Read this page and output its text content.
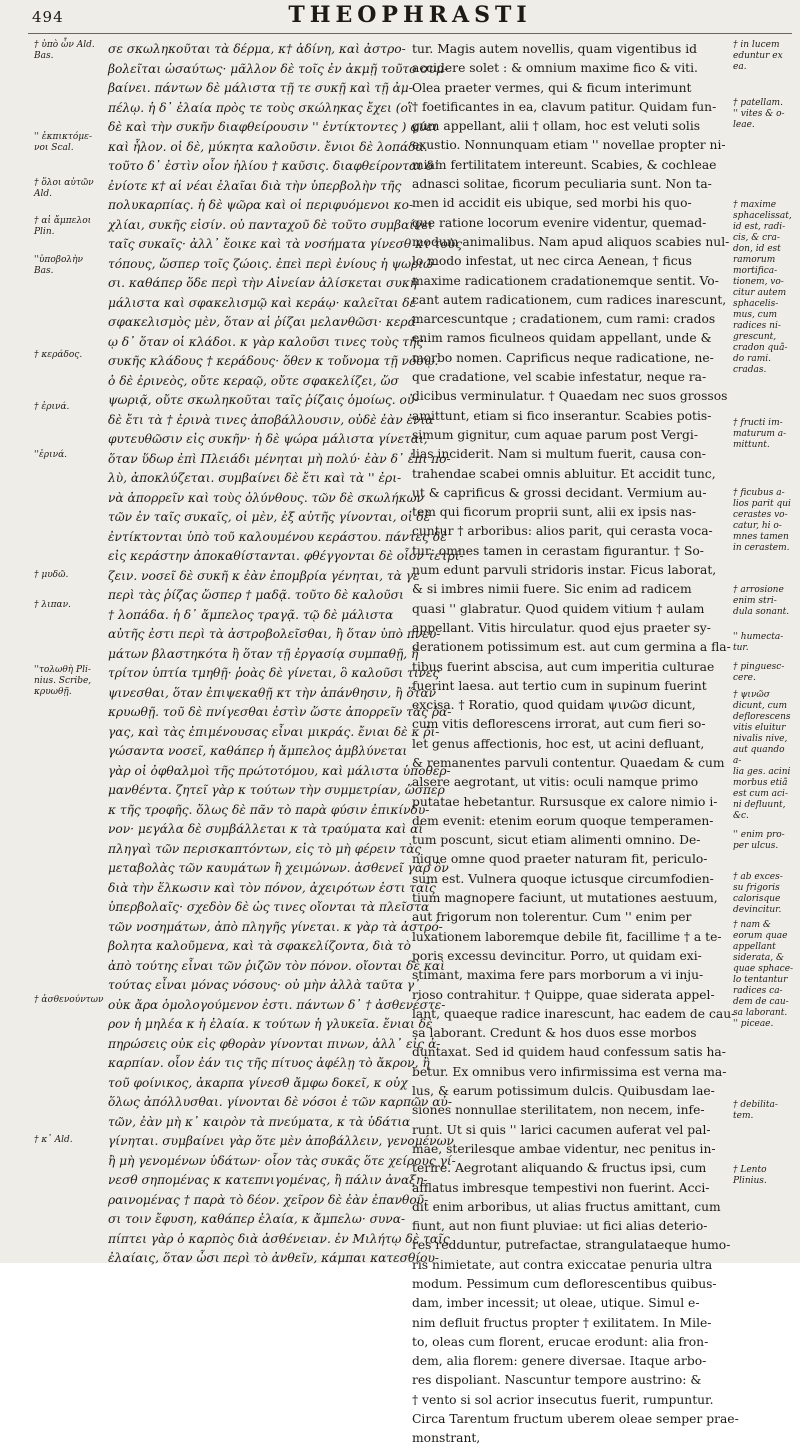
494	THEOPHRASTI
† ὑπὸ ὧν Ald.
Bas.
'' ἐκπικτόμε-
νοι Scal.
† ὅλοι αὐτῶν
Ald.
† αἱ ἄμπελοι
Plin.
''ὑποβολὴν
Bas.
† κεράδος.
† ἑρινά.
''ἐρινά.
† μυδῶ.
† λιπαν.
''τολωθὴ Pli-
nius. Scribe,
κρυωθῇ.
† ἀσθενούντων
† κ᾿ Ald.
σε σκωληκοῦται τὰ δέρμα, κ† ἀδίνη, καὶ ἀστρο-
βολεῖται ὡσαύτως· μᾶλλον δὲ τοῖς ἐν ἀκμῇ τοῦτο συμ-
βαίνει. πάντων δὲ μάλιστα τῇ τε συκῇ καὶ τῇ ἀμ-
πέλῳ. ἡ δ᾿ ἐλαία πρὸς τε τοὺς σκώληκας ἔχει (οἳ
δὲ καὶ τὴν συκῆν διαφθείρουσιν '' ἐντίκτοντες ) φύει
καὶ ἧλον. οἱ δὲ, μύκητα καλοῦσιν. ἔνιοι δὲ λοπάδα.
τοῦτο δ᾿ ἐστὶν οἷον ἡλίου † καῦσις. διαφθείρονται δ᾿
ἐνίοτε κ† αἱ νέαι ἐλαῖαι διὰ τὴν ὑπερβολὴν τῆς
πολυκαρπίας. ἡ δὲ ψῶρα καὶ οἱ περιφυόμενοι κο-
χλίαι, συκῆς εἰσίν. οὐ πανταχοῦ δὲ τοῦτο συμβαίνει
ταῖς συκαῖς· ἀλλ᾿ ἔοικε καὶ τὰ νοσήματα γίνεσθ κτ τοὺς
τόπους, ὥσπερ τοῖς ζώοις. ἐπεὶ περὶ ἐνίους ἡ ψωριῶ-
σι. καθάπερ ὅδε περὶ τὴν Αἰνείαν ἁλίσκεται συκῆ
μάλιστα καὶ σφακελισμῷ καὶ κεράῳ· καλεῖται δὲ
σφακελισμὸς μὲν, ὅταν αἱ ῥίζαι μελανθῶσι· κερά-
ῳ δ᾿ ὅταν οἱ κλάδοι. κ γὰρ καλοῦσι τινες τοὺς τῆς
συκῆς κλάδους † κεράδους· ὅθεν κ τοὔνομα τῇ νόσῳ.
ὁ δὲ ἐρινεὸς, οὔτε κεραῷ, οὔτε σφακελίζει, ὥσ
ψωριᾷ, οὔτε σκωληκοῦται ταῖς ῥίζαις ὁμοίως. οὐ-
δὲ ἔτι τὰ † ἐρινὰ τινες ἀποβάλλουσιν, οὐδὲ ἐὰν ἐνια
φυτευθῶσιν εἰς συκῆν· ἡ δὲ ψώρα μάλιστα γίνεται,
ὅταν ὕδωρ ἐπὶ Πλειάδι μένηται μὴ πολύ· ἐὰν δ᾿ ἐπι πο-
λὺ, ἀποκλύζεται. συμβαίνει δὲ ἔτι καὶ τὰ '' ἐρι-
νὰ ἀπορρεῖν καὶ τοὺς ὀλύνθους. τῶν δὲ σκωλήκων
τῶν ἐν ταῖς συκαῖς, οἱ μὲν, ἐξ αὐτῆς γίνονται, οἱ δὲ
ἐντίκτονται ὑπὸ τοῦ καλουμένου κεράστου. πάντες δὲ
εἰς κεράστην ἀποκαθίστανται. φθέγγονται δὲ οἷον τετρί-
ζειν. νοσεῖ δὲ συκῆ κ ἐὰν ἐπομβρία γένηται, τὰ γε
περὶ τὰς ῥίζας ὥσπερ † μαδᾷ. τοῦτο δὲ καλοῦσι
† λοπάδα. ἡ δ᾿ ἄμπελος τραγᾷ. τῷ δὲ μάλιστα
αὐτῆς ἐστι περὶ τὰ ἀστροβολεῖσθαι, ἢ ὅταν ὑπὸ πνευ-
μάτων βλαστηκότα ἢ ὅταν τῇ ἐργασίᾳ συμπαθῇ, ἢ
τρίτον ὑπτία τμηθῇ· ῥοὰς δὲ γίνεται, ὃ καλοῦσι τινες
ψινεσθαι, ὅταν ἐπιψεκαθῇ κτ τὴν ἀπάνθησιν, ἢ ὅταν
κρυωθῇ. τοῦ δὲ πνίγεσθαι ἐστὶν ὥστε ἀπορρεῖν τὰς ῥα-
γας, καὶ τὰς ἐπιμένουσας εἶναι μικράς. ἔνιαι δὲ κ ῥι-
γώσαντα νοσεῖ, καθάπερ ἡ ἄμπελος ἀμβλύνεται
γὰρ οἱ ὀφθαλμοὶ τῆς πρώτοτόμου, καὶ μάλιστα ὑποθερ-
μανθέντα. ζητεῖ γὰρ κ τούτων τὴν συμμετρίαν, ὥσπερ
κ τῆς τροφῆς. ὅλως δὲ πᾶν τὸ παρὰ φύσιν ἐπικίνδυ-
νον· μεγάλα δὲ συμβάλλεται κ τὰ τραύματα καὶ αἱ
πληγαὶ τῶν περισκαπτόντων, εἰς τὸ μὴ φέρειν τὰς
μεταβολὰς τῶν καυμάτων ἢ χειμώνων. ἀσθενεῖ γὰρ ὃν
διὰ τὴν ἕλκωσιν καὶ τὸν πόνον, ἀχειρότων ἐστι ταῖς
ὑπερβολαῖς· σχεδὸν δὲ ὡς τινες οἴονται τὰ πλεῖστα
τῶν νοσημάτων, ἀπὸ πληγῆς γίνεται. κ γὰρ τὰ ἀστρό-
βολητα καλοῦμενα, καὶ τὰ σφακελίζοντα, διὰ τὸ
ἀπὸ τούτης εἶναι τῶν ῥιζῶν τὸν πόνον. οἴονται δὲ καὶ
τούτας εἶναι μόνας νόσους· οὐ μὴν ἀλλὰ ταῦτα γ᾿
οὐκ ἄρα ὁμολογούμενον ἐστι. πάντων δ᾿ † ἀσθενέστε-
ρον ἡ μηλέα κ ἡ ἐλαία. κ τούτων ἡ γλυκεῖα. ἔνιαι δὲ
πηρώσεις οὐκ εἰς φθορὰν γίνονται πινων, ἀλλ᾿ εἰς ἀ-
καρπίαν. οἷον ἐάν τις τῆς πίτυος ἀφέλῃ τὸ ἄκρον, ἢ
τοῦ φοίνικος, ἀκαρπα γίνεσθ ἄμφω δοκεῖ, κ οὐχ
ὅλως ἀπόλλυσθαι. γίνονται δὲ νόσοι ἐ τῶν καρπῶν αὐ-
τῶν, ἐὰν μὴ κ᾿ καιρὸν τὰ πνεύματα, κ τὰ ὑδάτια
γίνηται. συμβαίνει γὰρ ὅτε μὲν ἀποβάλλειν, γενομένων
ἢ μὴ γενομένων ὑδάτων· οἷον τὰς συκᾶς ὅτε χείρους γί-
νεσθ σηπομένας κ κατεπνιγομένας, ἢ πάλιν ἀναξη-
ραινομένας † παρὰ τὸ δέον. χεῖρον δὲ ἐὰν ἐπανθοῦ-
σι τοιν ἔφυση, καθάπερ ἐλαία, κ ἄμπελω· συνα-
πίπτει γὰρ ὁ καρπὸς διὰ ἀσθένειαν. ἐν Μιλήτῳ δὲ ταῖς
ἐλαίαις, ὅταν ὦσι περὶ τὸ ἀνθεῖν, κάμπαι κατεσθίου-
tur. Magis autem novellis, quam vigentibus id
accidere solet : & omnium maxime fico & viti.
Olea praeter vermes, qui & ficum interimunt
† foetificantes in ea, clavum patitur. Quidam fun-
gum appellant, alii † ollam, hoc est veluti solis
exustio. Nonnunquam etiam '' novellae propter ni-
miam fertilitatem intereunt. Scabies, & cochleae
adnasci solitae, ficorum peculiaria sunt. Non ta-
men id accidit eis ubique, sed morbi his quo-
que ratione locorum evenire videntur, quemad-
modum animalibus. Nam apud aliquos scabies nul-
lo modo infestat, ut nec circa Aenean, † ficus
maxime radicationem cradationemque sentit. Vo-
cant autem radicationem, cum radices inarescunt,
marcescuntque ; cradationem, cum rami: crados
enim ramos ficulneos quidam appellant, unde &
morbo nomen. Caprificus neque radicatione, ne-
que cradatione, vel scabie infestatur, neque ra-
dicibus verminulatur. † Quaedam nec suos grossos
amittunt, etiam si fico inserantur. Scabies potis-
simum gignitur, cum aquae parum post Vergi-
lias inciderit. Nam si multum fuerit, causa con-
trahendae scabei omnis abluitur. Et accidit tunc,
ut & caprificus & grossi decidant. Vermium au-
tem qui ficorum proprii sunt, alii ex ipsis nas-
cuntur † arboribus: alios parit, qui cerasta voca-
tur: omnes tamen in cerastam figurantur. † So-
num edunt parvuli stridoris instar. Ficus laborat,
& si imbres nimii fuere. Sic enim ad radicem
quasi '' glabratur. Quod quidem vitium † aulam
appellant. Vitis hirculatur. quod ejus praeter sy-
derationem potissimum est. aut cum germina a fla-
tibus fuerint abscisa, aut cum imperitia culturae
fuerint laesa. aut tertio cum in supinum fuerint
excisa. † Roratio, quod quidam ψινῶσ dicunt,
cum vitis deflorescens irrorat, aut cum fieri so-
let genus affectionis, hoc est, ut acini defluant,
& remanentes parvuli contentur. Quaedam & cum
alsere aegrotant, ut vitis: oculi namque primo
putatae hebetantur. Rursusque ex calore nimio i-
dem evenit: etenim eorum quoque temperamen-
tum poscunt, sicut etiam alimenti omnino. De-
nique omne quod praeter naturam fit, periculo-
sum est. Vulnera quoque ictusque circumfodien-
tium magnopere faciunt, ut mutationes aestuum,
aut frigorum non tolerentur. Cum '' enim per
luxationem laboremque debile fit, facillime † a te-
poris excessu devincitur. Porro, ut quidam exi-
stimant, maxima fere pars morborum a vi inju-
rioso contrahitur. † Quippe, quae siderata appel-
lant, quaeque radice inarescunt, hac eadem de cau-
sa laborant. Credunt & hos duos esse morbos
duntaxat. Sed id quidem haud confessum satis ha-
betur. Ex omnibus vero infirmissima est verna ma-
lus, & earum potissimum dulcis. Quibusdam lae-
siones nonnullae sterilitatem, non necem, infe-
runt. Ut si quis '' larici cacumen auferat vel pal-
mae, sterilesque ambae videntur, nec penitus in-
terire. Aegrotant aliquando & fructus ipsi, cum
afflatus imbresque tempestivi non fuerint. Acci-
dit enim arboribus, ut alias fructus amittant, cum
fiunt, aut non fiunt pluviae: ut fici alias deterio-
res redduntur, putrefactae, strangulataeque humo-
ris nimietate, aut contra exiccatae penuria ultra
modum. Pessimum cum deflorescentibus quibus-
dam, imber incessit; ut oleae, utique. Simul e-
nim defluit fructus propter † exilitatem. In Mile-
to, oleas cum florent, erucae erodunt: alia fron-
dem, alia florem: genere diversae. Itaque arbo-
res dispoliant. Nascuntur tempore austrino: &
† vento si sol acrior insecutus fuerit, rumpuntur.
Circa Tarentum fructum uberem oleae semper prae-
monstrant,
† in lucem
eduntur ex
ea.
† patellam.
'' vites & o-
leae.
† maxime
sphacelissat,
id est, radi-
cis, & cra-
don, id est
ramorum
mortifica-
tionem, vo-
citur autem
sphacelis-
mus, cum
radices ni-
grescunt,
cradon quã-
do rami.
cradas.
† fructi im-
maturum a-
mittunt.
† ficubus a-
lios parit qui
cerastes vo-
catur, hi o-
mnes tamen
in cerastem.
† arrosione
enim stri-
dula sonant.
'' humecta-
tur.
† pinguesc-
cere.
† ψινῶσ
dicunt, cum
deflorescens
vitis eluitur
nivalis nive,
aut quando a-
lia ges. acini
morbus etiã
est cum aci-
ni defluunt,
&c.
'' enim pro-
per ulcus.
† ab exces-
su frigoris
calorisque
devincitur.
† nam &
eorum quae
appellant
siderata, &
quae sphace-
lo tentantur
radices ca-
dem de cau-
sa laborant.
'' piceae.
† debilita-
tem.
† Lento
Plinius.
